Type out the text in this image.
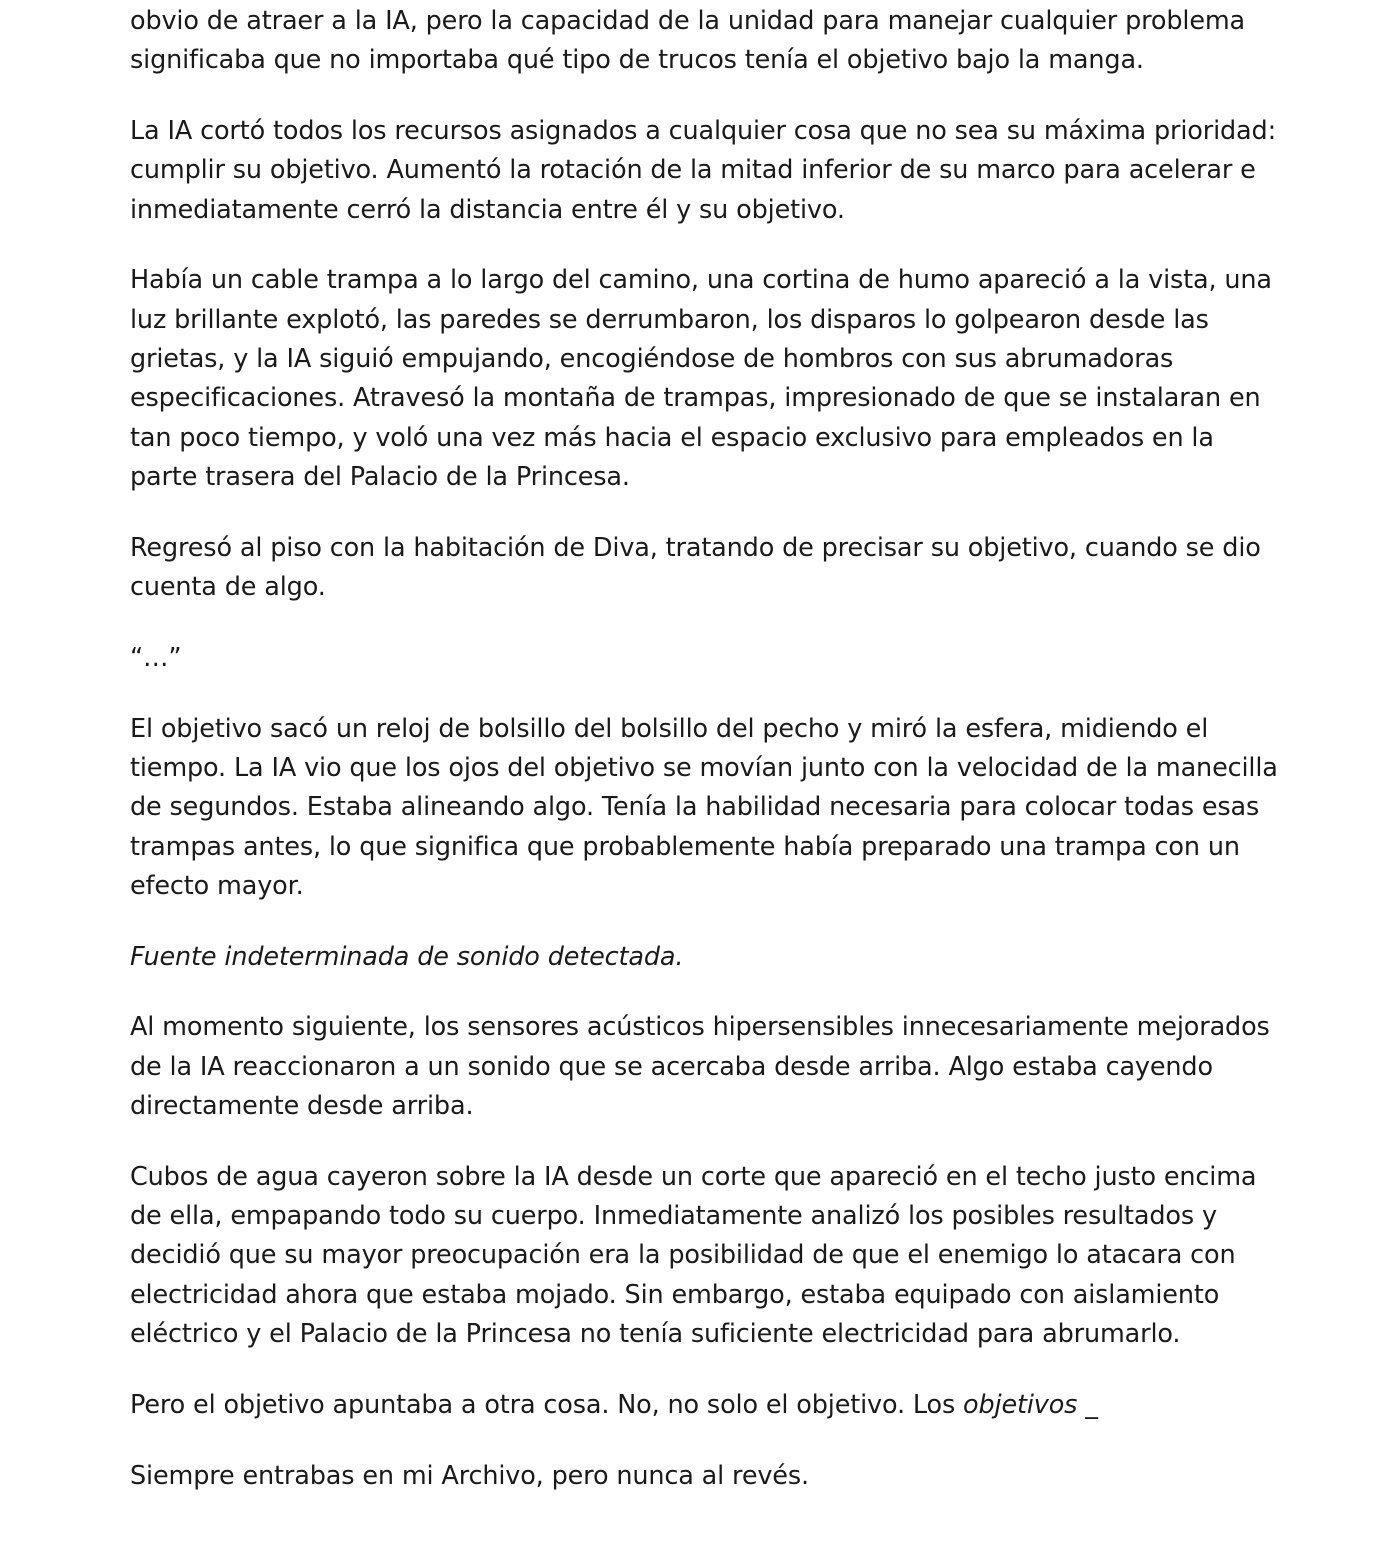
obvio de atraer a la IA, pero la capacidad de la unidad para manejar cualquier problema significaba que no importaba qué tipo de trucos tenía el objetivo bajo la manga.

La IA cortó todos los recursos asignados a cualquier cosa que no sea su máxima prioridad: cumplir su objetivo. Aumentó la rotación de la mitad inferior de su marco para acelerar e inmediatamente cerró la distancia entre él y su objetivo.

Había un cable trampa a lo largo del camino, una cortina de humo apareció a la vista, una luz brillante explotó, las paredes se derrumbaron, los disparos lo golpearon desde las grietas, y la IA siguió empujando, encogiéndose de hombros con sus abrumadoras especificaciones. Atravesó la montaña de trampas, impresionado de que se instalaran en tan poco tiempo, y voló una vez más hacia el espacio exclusivo para empleados en la parte trasera del Palacio de la Princesa.

Regresó al piso con la habitación de Diva, tratando de precisar su objetivo, cuando se dio cuenta de algo.

“…”

El objetivo sacó un reloj de bolsillo del bolsillo del pecho y miró la esfera, midiendo el tiempo. La IA vio que los ojos del objetivo se movían junto con la velocidad de la manecilla de segundos. Estaba alineando algo. Tenía la habilidad necesaria para colocar todas esas trampas antes, lo que significa que probablemente había preparado una trampa con un efecto mayor.

Fuente indeterminada de sonido detectada.

Al momento siguiente, los sensores acústicos hipersensibles innecesariamente mejorados de la IA reaccionaron a un sonido que se acercaba desde arriba. Algo estaba cayendo directamente desde arriba.

Cubos de agua cayeron sobre la IA desde un corte que apareció en el techo justo encima de ella, empapando todo su cuerpo. Inmediatamente analizó los posibles resultados y decidió que su mayor preocupación era la posibilidad de que el enemigo lo atacara con electricidad ahora que estaba mojado. Sin embargo, estaba equipado con aislamiento eléctrico y el Palacio de la Princesa no tenía suficiente electricidad para abrumarlo.

Pero el objetivo apuntaba a otra cosa. No, no solo el objetivo. Los objetivos _

Siempre entrabas en mi Archivo, pero nunca al revés.
